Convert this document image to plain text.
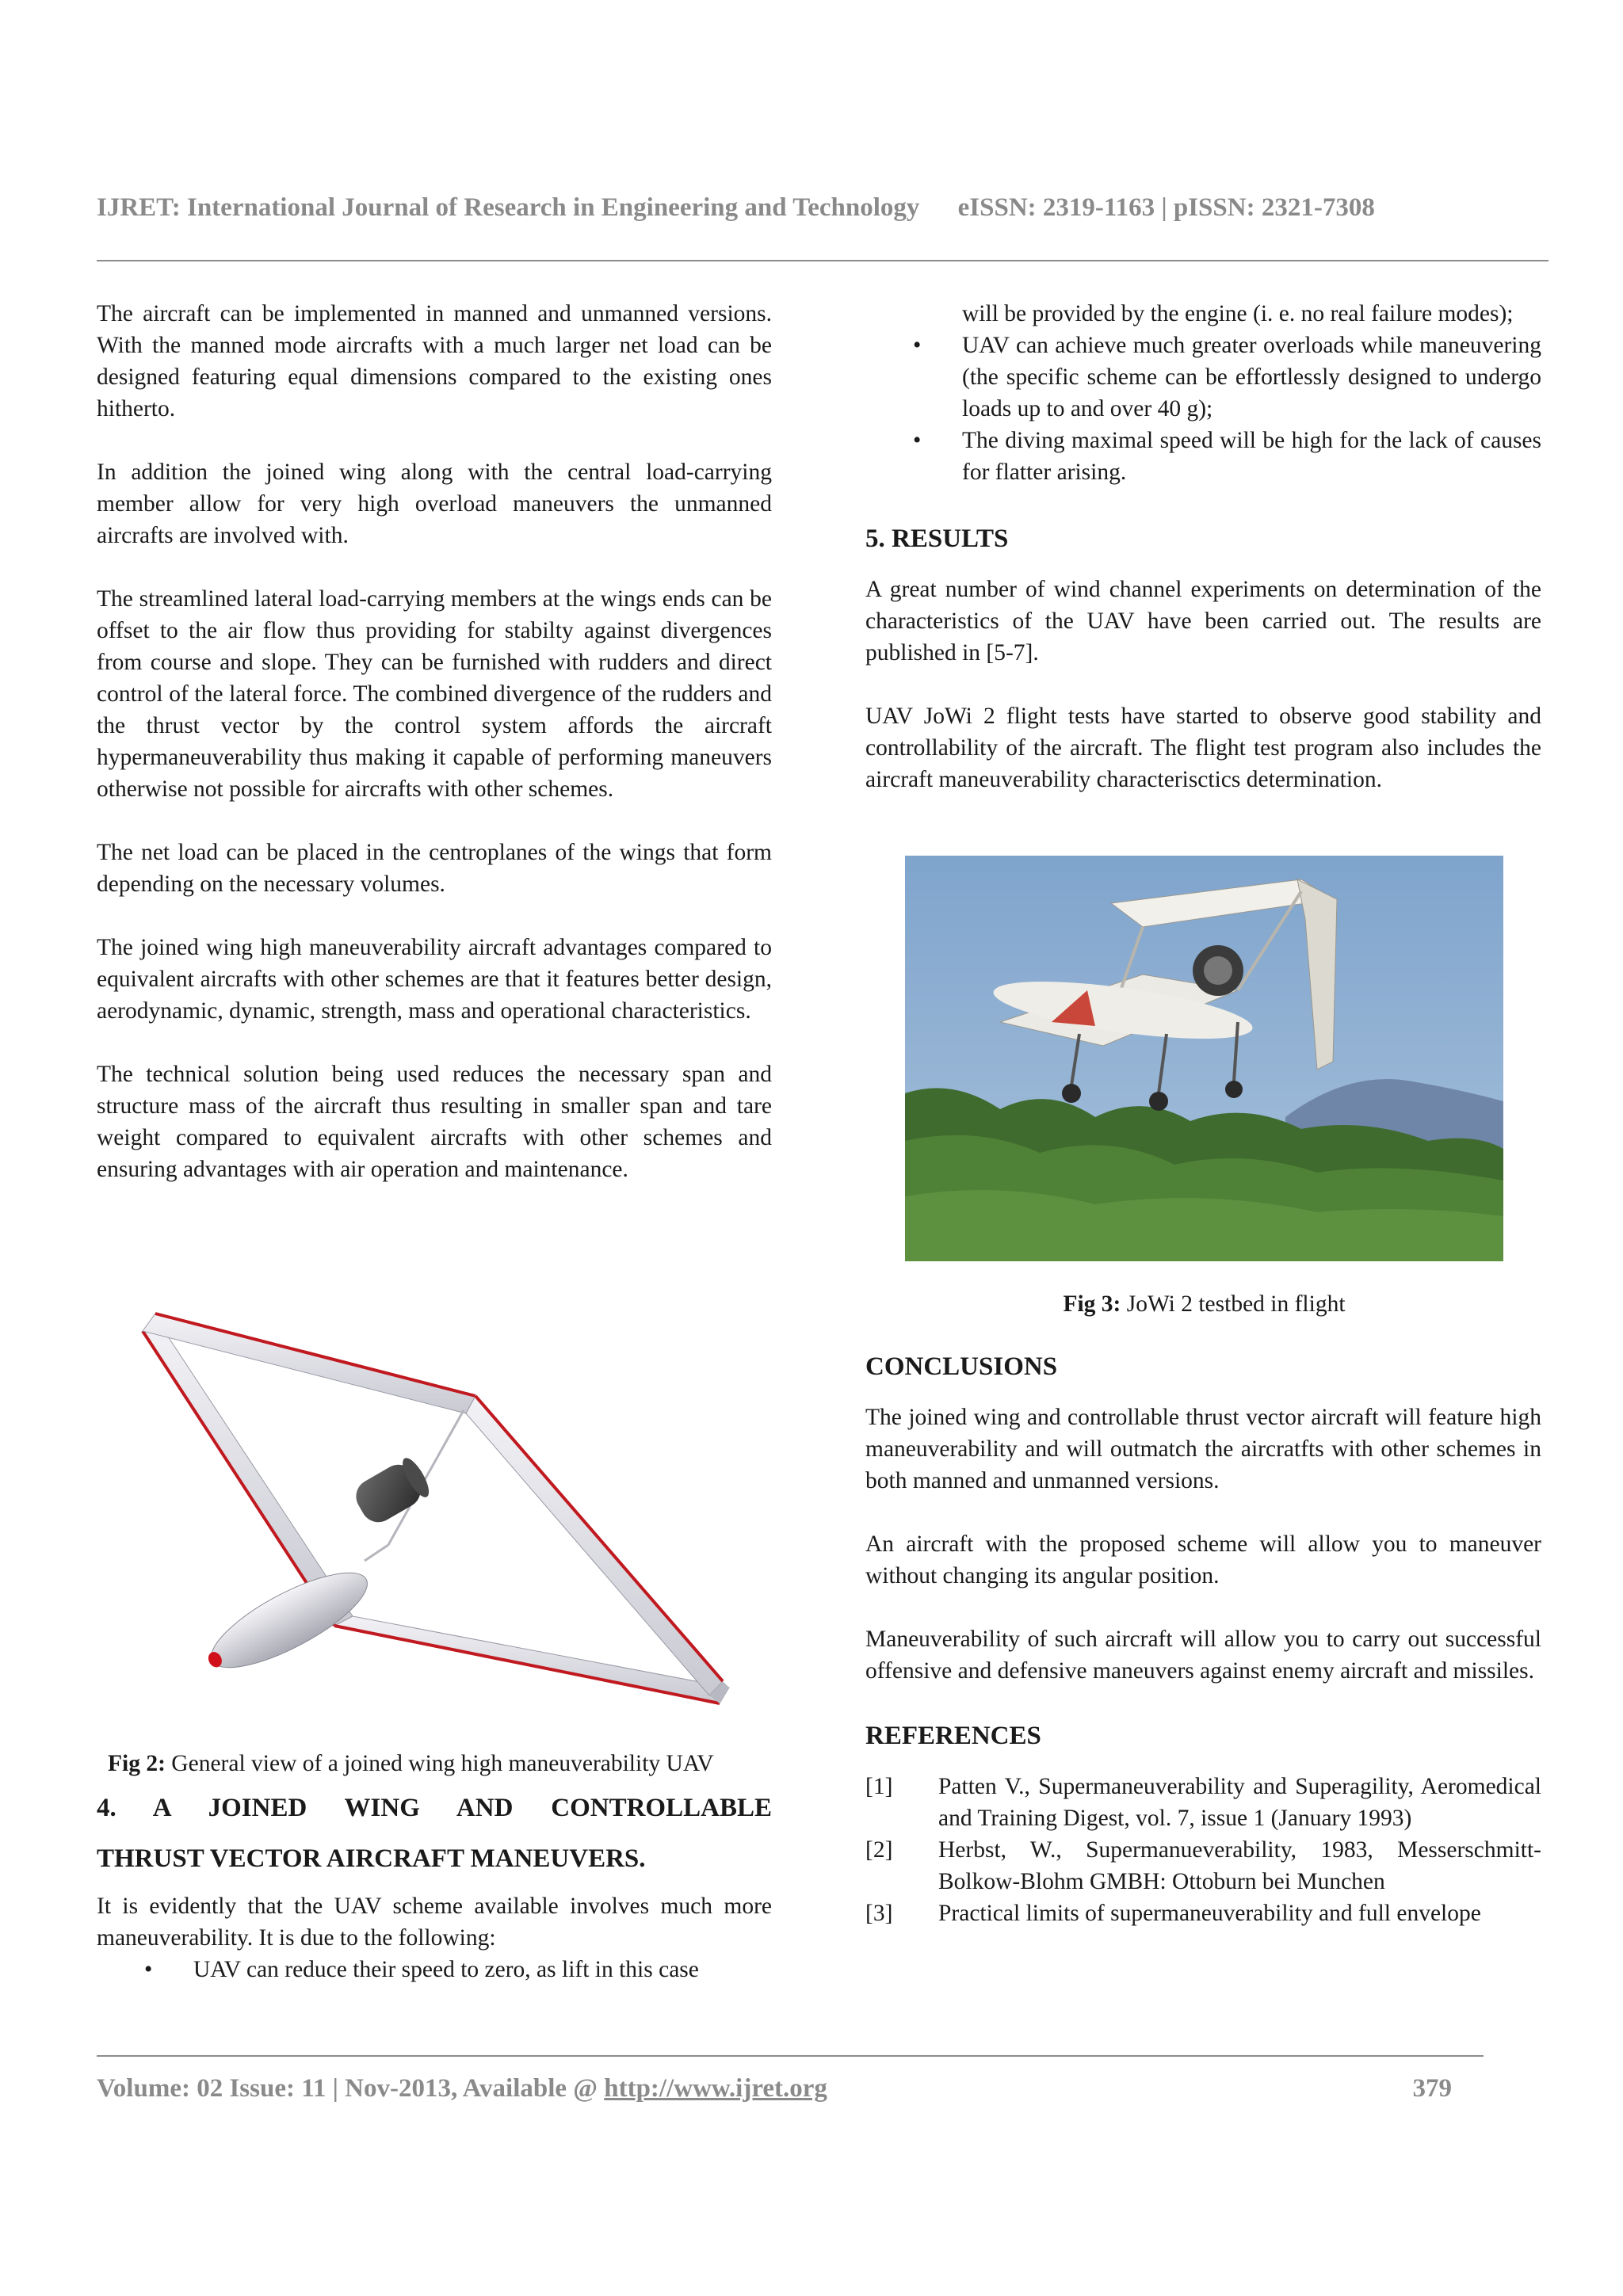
IJRET: International Journal of Research in Engineering and Technology eISSN: 2319-1163 | pISSN: 2321-7308

The aircraft can be implemented in manned and unmanned versions. With the manned mode aircrafts with a much larger net load can be designed featuring equal dimensions compared to the existing ones hitherto.

In addition the joined wing along with the central load-carrying member allow for very high overload maneuvers the unmanned aircrafts are involved with.

The streamlined lateral load-carrying members at the wings ends can be offset to the air flow thus providing for stabilty against divergences from course and slope. They can be furnished with rudders and direct control of the lateral force. The combined divergence of the rudders and the thrust vector by the control system affords the aircraft hypermaneuverability thus making it capable of performing maneuvers otherwise not possible for aircrafts with other schemes.

The net load can be placed in the centroplanes of the wings that form depending on the necessary volumes.

The joined wing high maneuverability aircraft advantages compared to equivalent aircrafts with other schemes are that it features better design, aerodynamic, dynamic, strength, mass and operational characteristics.

The technical solution being used reduces the necessary span and structure mass of the aircraft thus resulting in smaller span and tare weight compared to equivalent aircrafts with other schemes and ensuring advantages with air operation and maintenance.

Fig 2: General view of a joined wing high maneuverability UAV
4. A JOINED WING AND CONTROLLABLE
THRUST VECTOR AIRCRAFT MANEUVERS.

It is evidently that the UAV scheme available involves much more maneuverability. It is due to the following:

• UAV can reduce their speed to zero, as lift in this case
will be provided by the engine (i. e. no real failure modes);
• UAV can achieve much greater overloads while maneuvering (the specific scheme can be effortlessly designed to undergo loads up to and over 40 g);
• The diving maximal speed will be high for the lack of causes for flatter arising.
5. RESULTS

A great number of wind channel experiments on determination of the characteristics of the UAV have been carried out. The results are published in [5-7].

UAV JoWi 2 flight tests have started to observe good stability and controllability of the aircraft. The flight test program also includes the aircraft maneuverability characterisctics determination.

Fig 3: JoWi 2 testbed in flight
CONCLUSIONS

The joined wing and controllable thrust vector aircraft will feature high maneuverability and will outmatch the aircratfts with other schemes in both manned and unmanned versions.

An aircraft with the proposed scheme will allow you to maneuver without changing its angular position.

Maneuverability of such aircraft will allow you to carry out successful offensive and defensive maneuvers against enemy aircraft and missiles.

REFERENCES
[1] Patten V., Supermaneuverability and Superagility, Aeromedical and Training Digest, vol. 7, issue 1 (January 1993)
[2] Herbst, W., Supermanueverability, 1983, Messerschmitt-Bolkow-Blohm GMBH: Ottoburn bei Munchen
[3] Practical limits of supermaneuverability and full envelope
Volume: 02 Issue: 11 | Nov-2013, Available @ http://www.ijret.org	379
